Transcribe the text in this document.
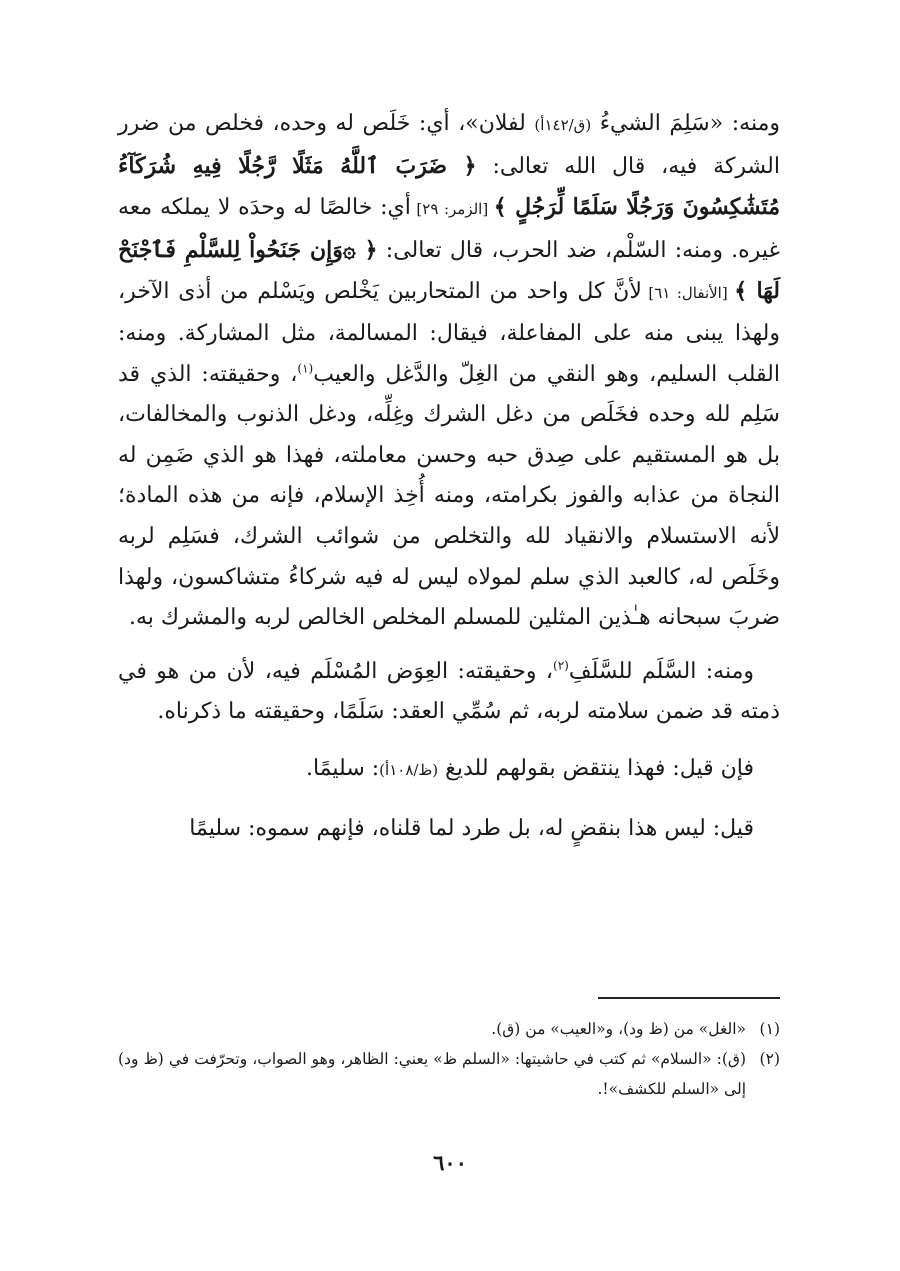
ومنه: «سَلِمَ الشيءُ (ق/١٤٢أ) لفلان»، أي: خَلَص له وحده، فخلص من ضرر الشركة فيه، قال الله تعالى: ﴿ ضَرَبَ ٱللَّهُ مَثَلًا رَّجُلًا فِيهِ شُرَكَآءُ مُتَشَٰكِسُونَ وَرَجُلًا سَلَمًا لِّرَجُلٍ ﴾ [الزمر: ٢٩] أي: خالصًا له وحدَه لا يملكه معه غيره. ومنه: السّلْم، ضد الحرب، قال تعالى: ﴿ ۞وَإِن جَنَحُواْ لِلسَّلْمِ فَٱجْنَحْ لَهَا ﴾ [الأنفال: ٦١] لأنَّ كل واحد من المتحاربين يَخْلص ويَسْلم من أذى الآخر، ولهذا يبنى منه على المفاعلة، فيقال: المسالمة، مثل المشاركة. ومنه: القلب السليم، وهو النقي من الغِلّ والدَّغل والعيب$^{(١)}$، وحقيقته: الذي قد سَلِم لله وحده فخَلَص من دغل الشرك وغِلِّه، ودغل الذنوب والمخالفات، بل هو المستقيم على صِدق حبه وحسن معاملته، فهذا هو الذي ضَمِن له النجاة من عذابه والفوز بكرامته، ومنه أُخِذ الإسلام، فإنه من هذه المادة؛ لأنه الاستسلام والانقياد لله والتخلص من شوائب الشرك، فسَلِم لربه وخَلَص له، كالعبد الذي سلم لمولاه ليس له فيه شركاءُ متشاكسون، ولهذا ضربَ سبحانه هـٰذين المثلين للمسلم المخلص الخالص لربه والمشرك به.

ومنه: السَّلَم للسَّلَفِ$^{(٢)}$، وحقيقته: العِوَض المُسْلَم فيه، لأن من هو في ذمته قد ضمن سلامته لربه، ثم سُمِّي العقد: سَلَمًا، وحقيقته ما ذكرناه.

فإن قيل: فهذا ينتقض بقولهم للديغ (ظ/١٠٨أ): سليمًا.

قيل: ليس هذا بنقضٍ له، بل طرد لما قلناه، فإنهم سموه: سليمًا

(١)
«الغل» من (ظ ود)، و«العيب» من (ق).
(٢)
(ق): «السلام» ثم كتب في حاشيتها: «السلم ظ» يعني: الظاهر، وهو الصواب، وتحرّفت في (ظ ود) إلى «السلم للكشف»!.
٦٠٠
